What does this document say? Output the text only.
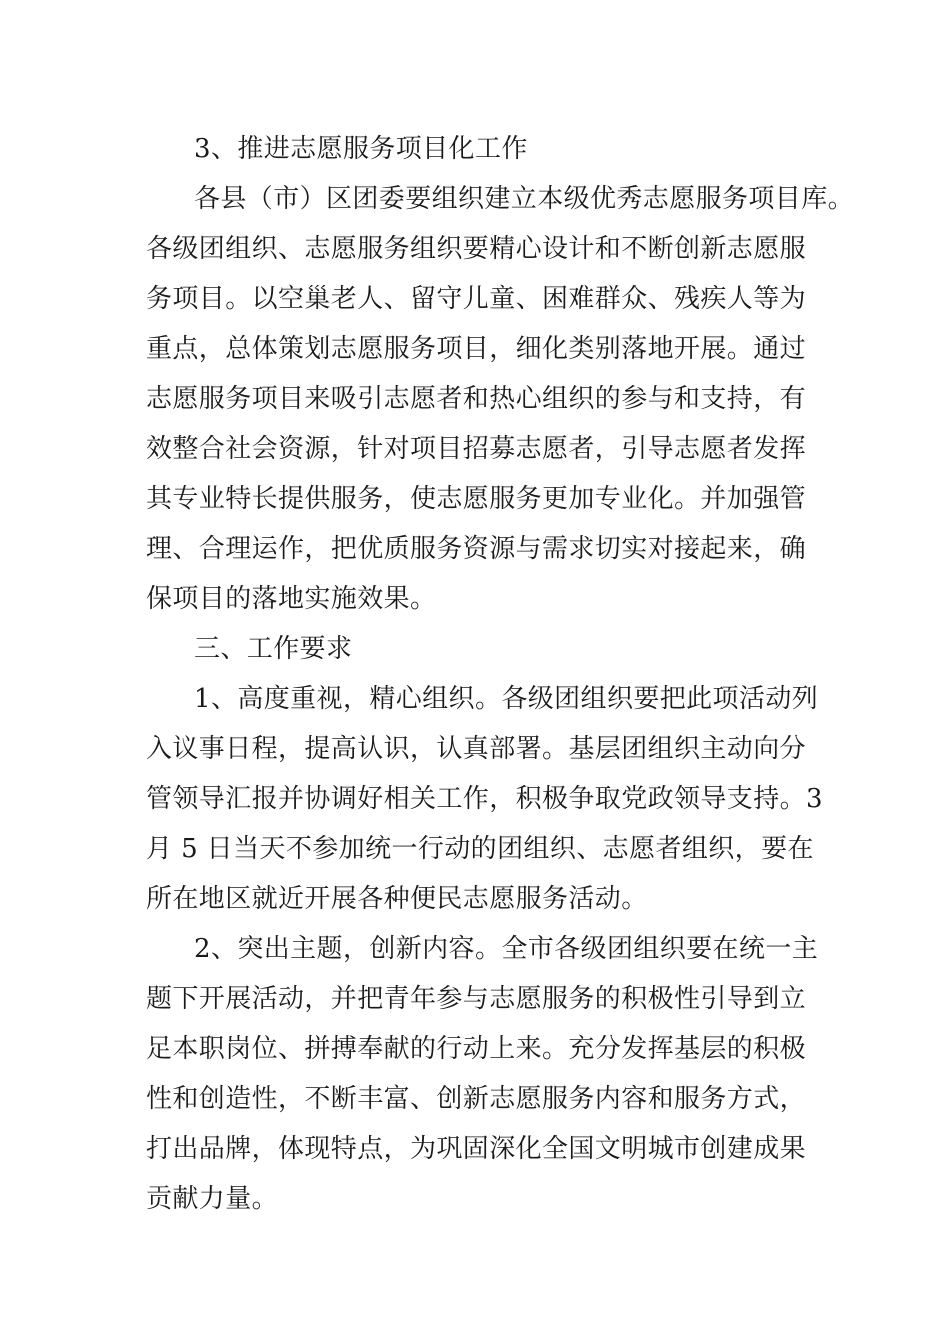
3、推进志愿服务项目化工作
各县（市）区团委要组织建立本级优秀志愿服务项目库。
各级团组织、志愿服务组织要精心设计和不断创新志愿服
务项目。以空巢老人、留守儿童、困难群众、残疾人等为
重点，总体策划志愿服务项目，细化类别落地开展。通过
志愿服务项目来吸引志愿者和热心组织的参与和支持，有
效整合社会资源，针对项目招募志愿者，引导志愿者发挥
其专业特长提供服务，使志愿服务更加专业化。并加强管
理、合理运作，把优质服务资源与需求切实对接起来，确
保项目的落地实施效果。
三、工作要求
1、高度重视，精心组织。各级团组织要把此项活动列
入议事日程，提高认识，认真部署。基层团组织主动向分
管领导汇报并协调好相关工作，积极争取党政领导支持。3
月 5 日当天不参加统一行动的团组织、志愿者组织，要在
所在地区就近开展各种便民志愿服务活动。
2、突出主题，创新内容。全市各级团组织要在统一主
题下开展活动，并把青年参与志愿服务的积极性引导到立
足本职岗位、拼搏奉献的行动上来。充分发挥基层的积极
性和创造性，不断丰富、创新志愿服务内容和服务方式，
打出品牌，体现特点，为巩固深化全国文明城市创建成果
贡献力量。
